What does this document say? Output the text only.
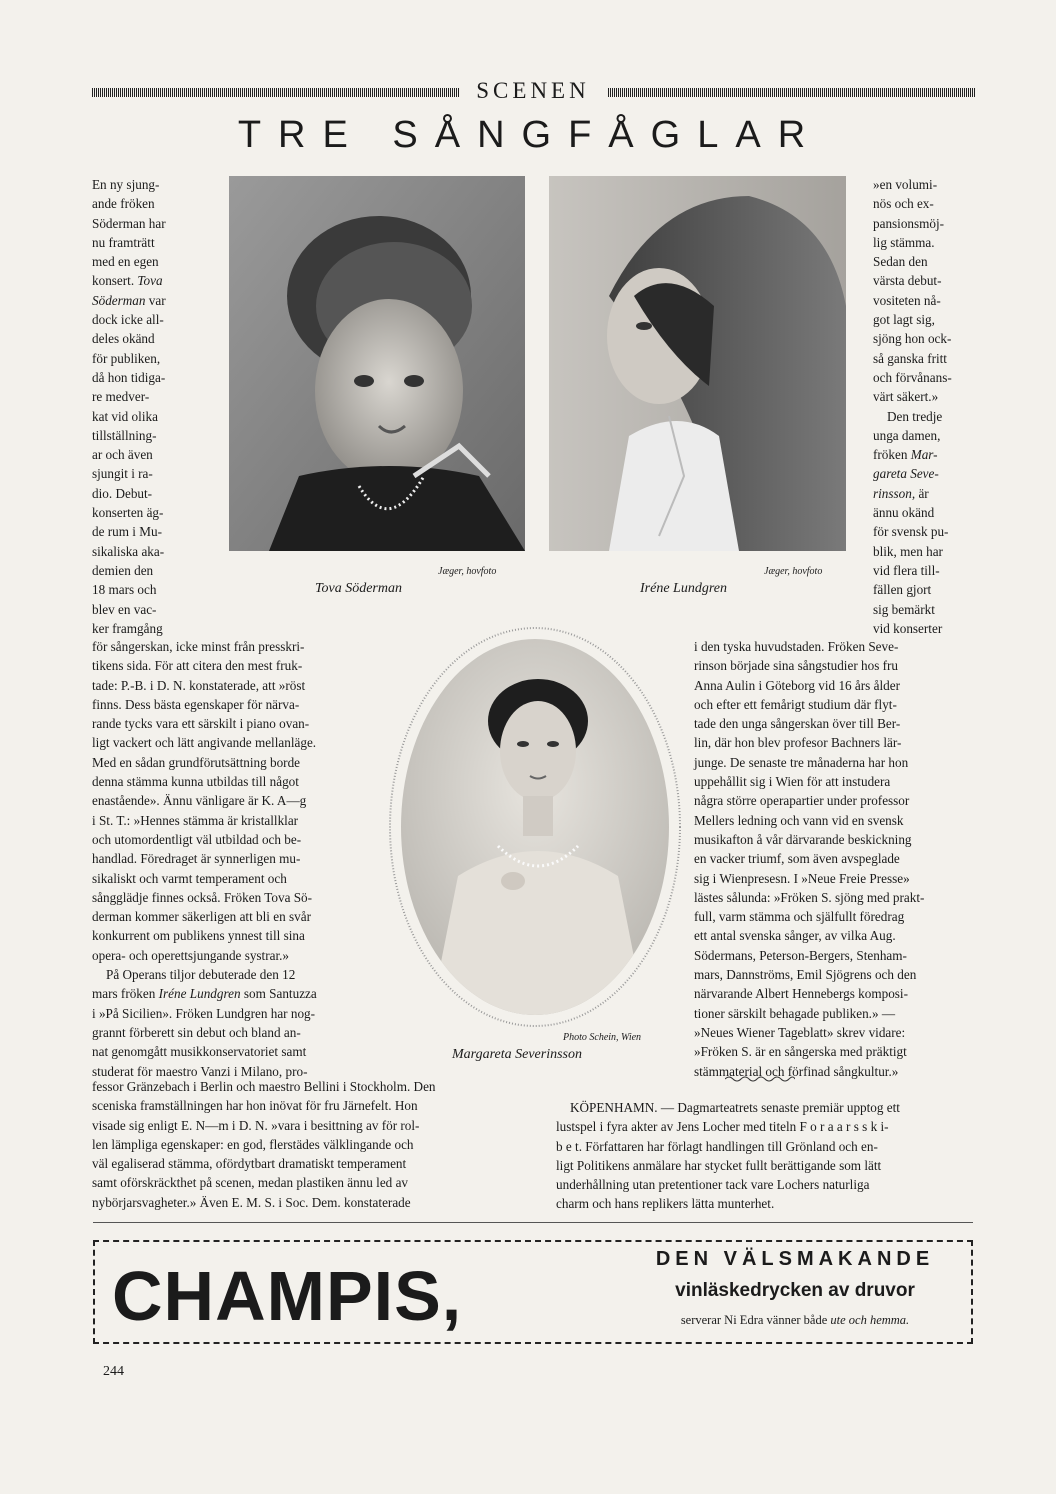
SCENEN
TRE SÅNGFÅGLAR
Jæger, hovfoto
Tova Söderman
Jæger, hovfoto
Iréne Lundgren
Photo Schein, Wien
Margareta Severinsson

En ny sjung-

ande fröken

Söderman har

nu framträtt

med en egen

konsert. Tova

Söderman var

dock icke all-

deles okänd

för publiken,

då hon tidiga-

re medver-

kat vid olika

tillställning-

ar och även

sjungit i ra-

dio. Debut-

konserten äg-

de rum i Mu-

sikaliska aka-

demien den

18 mars och

blev en vac-

ker framgång

för sångerskan, icke minst från presskri-

tikens sida. För att citera den mest fruk-

tade: P.-B. i D. N. konstaterade, att »röst

finns. Dess bästa egenskaper för närva-

rande tycks vara ett särskilt i piano ovan-

ligt vackert och lätt angivande mellanläge.

Med en sådan grundförutsättning borde

denna stämma kunna utbildas till något

enastående». Ännu vänligare är K. A—g

i St. T.: »Hennes stämma är kristallklar

och utomordentligt väl utbildad och be-

handlad. Föredraget är synnerligen mu-

sikaliskt och varmt temperament och

sångglädje finnes också. Fröken Tova Sö-

derman kommer säkerligen att bli en svår

konkurrent om publikens ynnest till sina

opera- och operettsjungande systrar.»

På Operans tiljor debuterade den 12

mars fröken Iréne Lundgren som Santuzza

i »På Sicilien». Fröken Lundgren har nog-

grannt förberett sin debut och bland an-

nat genomgått musikkonservatoriet samt

studerat för maestro Vanzi i Milano, pro-

fessor Gränzebach i Berlin och maestro Bellini i Stockholm. Den

sceniska framställningen har hon inövat för fru Järnefelt. Hon

visade sig enligt E. N—m i D. N. »vara i besittning av för rol-

len lämpliga egenskaper: en god, flerstädes välklingande och

väl egaliserad stämma, ofördytbart dramatiskt temperament

samt oförskräckthet på scenen, medan plastiken ännu led av

nybörjarsvagheter.» Även E. M. S. i Soc. Dem. konstaterade

»en volumi-

nös och ex-

pansionsmöj-

lig stämma.

Sedan den

värsta debut-

vositeten nå-

got lagt sig,

sjöng hon ock-

så ganska fritt

och förvånans-

värt säkert.»

Den tredje

unga damen,

fröken Mar-

gareta Seve-

rinsson, är

ännu okänd

för svensk pu-

blik, men har

vid flera till-

fällen gjort

sig bemärkt

vid konserter

i den tyska huvudstaden. Fröken Seve-

rinson började sina sångstudier hos fru

Anna Aulin i Göteborg vid 16 års ålder

och efter ett femårigt studium där flyt-

tade den unga sångerskan över till Ber-

lin, där hon blev profesor Bachners lär-

junge. De senaste tre månaderna har hon

uppehållit sig i Wien för att instudera

några större operapartier under professor

Mellers ledning och vann vid en svensk

musikafton å vår därvarande beskickning

en vacker triumf, som även avspeglade

sig i Wienpresesn. I »Neue Freie Presse»

lästes sålunda: »Fröken S. sjöng med prakt-

full, varm stämma och själfullt föredrag

ett antal svenska sånger, av vilka Aug.

Södermans, Peterson-Bergers, Stenham-

mars, Dannströms, Emil Sjögrens och den

närvarande Albert Hennebergs komposi-

tioner särskilt behagade publiken.» —

»Neues Wiener Tageblatt» skrev vidare:

»Fröken S. är en sångerska med präktigt

stämmaterial och förfinad sångkultur.»

KÖPENHAMN. — Dagmarteatrets senaste premiär upptog ett

lustspel i fyra akter av Jens Locher med titeln F o r a a r s s k i-

b e t. Författaren har förlagt handlingen till Grönland och en-

ligt Politikens anmälare har stycket fullt berättigande som lätt

underhållning utan pretentioner tack vare Lochers naturliga

charm och hans replikers lätta munterhet.

CHAMPIS,	DEN VÄLSMAKANDE
vinläskedrycken av druvor
serverar Ni Edra vänner både ute och hemma.
244
